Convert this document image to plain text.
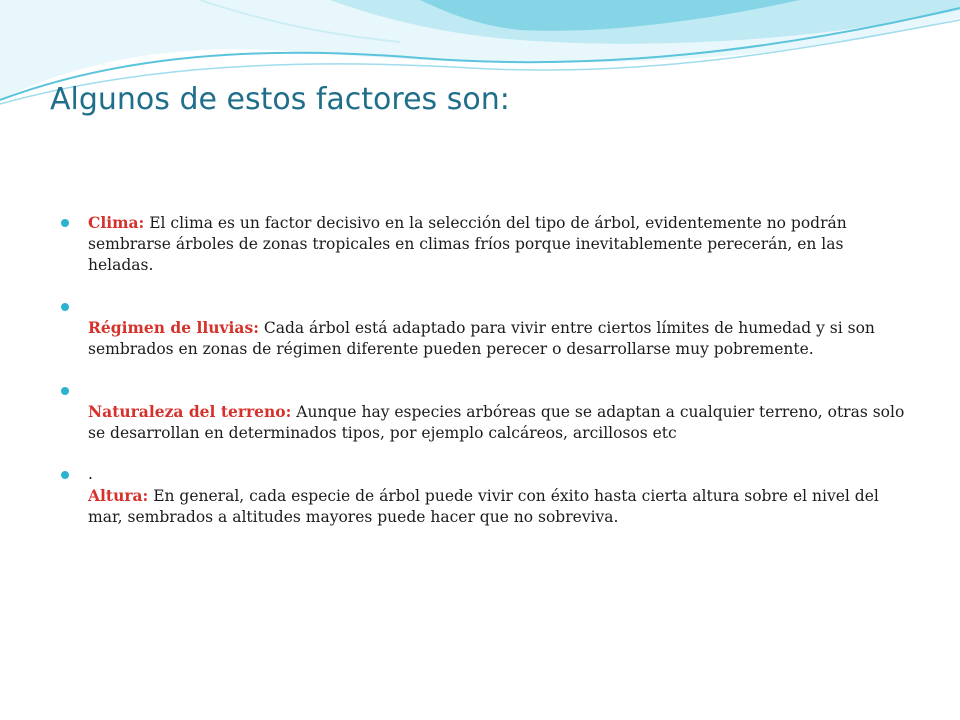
Algunos de estos factores son:
Clima: El clima es un factor decisivo en la selección del tipo de árbol, evidentemente no podrán sembrarse árboles de zonas tropicales en climas fríos porque inevitablemente perecerán, en las heladas.
Régimen de lluvias: Cada árbol está adaptado para vivir entre ciertos límites de humedad y si son sembrados en zonas de régimen diferente pueden perecer o desarrollarse muy pobremente.
Naturaleza del terreno: Aunque hay especies arbóreas que se adaptan a cualquier terreno, otras solo se desarrollan en determinados tipos, por ejemplo calcáreos, arcillosos etc
.
Altura: En general, cada especie de árbol puede vivir con éxito hasta cierta altura sobre el nivel del mar, sembrados a altitudes mayores puede hacer que no sobreviva.
